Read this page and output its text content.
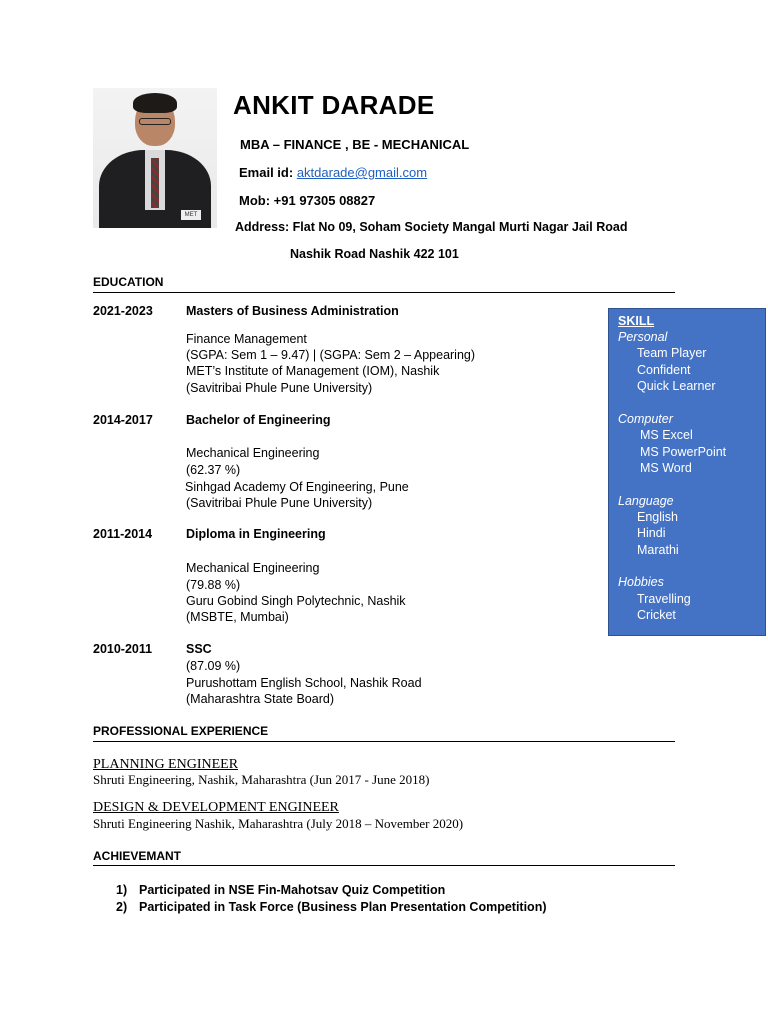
MET
ANKIT DARADE
MBA – FINANCE , BE - MECHANICAL
Email id: aktdarade@gmail.com
Mob: +91 97305 08827
Address: Flat No 09, Soham Society Mangal Murti Nagar Jail Road
Nashik Road Nashik 422 101
EDUCATION
2021-2023	Masters of Business Administration
Finance Management
(SGPA: Sem 1 – 9.47) | (SGPA: Sem 2 – Appearing)
MET’s Institute of Management (IOM), Nashik
(Savitribai Phule Pune University)
2014-2017	Bachelor of Engineering
Mechanical Engineering
(62.37 %)
Sinhgad Academy Of Engineering, Pune
(Savitribai Phule Pune University)
2011-2014	Diploma in Engineering
Mechanical Engineering
(79.88 %)
Guru Gobind Singh Polytechnic, Nashik
(MSBTE, Mumbai)
2010-2011	SSC
(87.09 %)
Purushottam English School, Nashik Road
(Maharashtra State Board)
SKILL
Personal
Team Player
Confident
Quick Learner
Computer
MS Excel
MS PowerPoint
MS Word
Language
English
Hindi
Marathi
Hobbies
Travelling
Cricket
PROFESSIONAL EXPERIENCE
PLANNING ENGINEER
Shruti Engineering, Nashik, Maharashtra (Jun 2017 - June 2018)
DESIGN & DEVELOPMENT ENGINEER
Shruti Engineering Nashik, Maharashtra (July 2018 – November 2020)
ACHIEVEMANT
1) Participated in NSE Fin-Mahotsav Quiz Competition
2) Participated in Task Force (Business Plan Presentation Competition)
